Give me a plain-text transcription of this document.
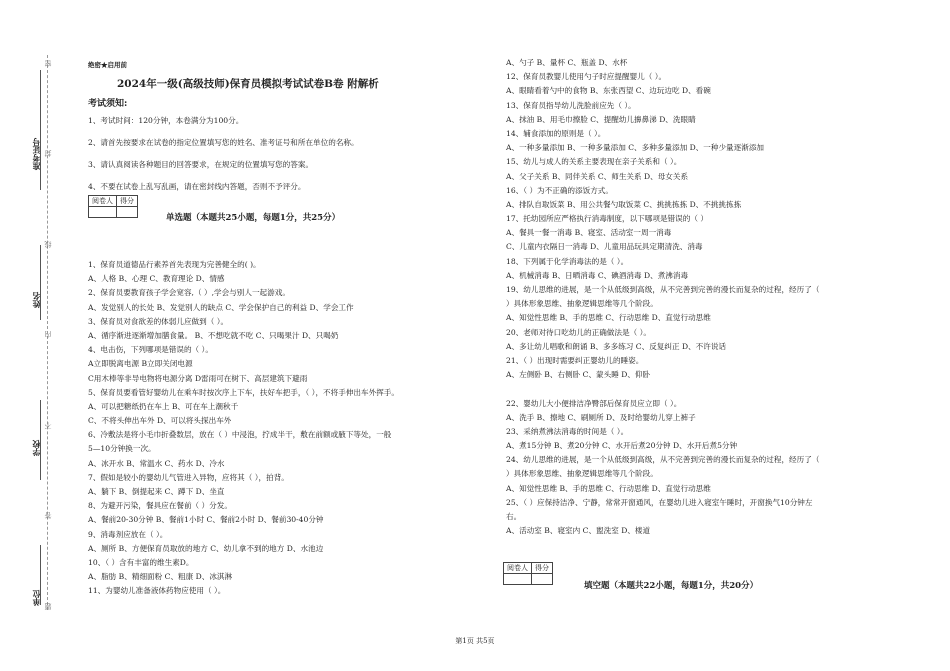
题
答
不
内
线
封
密
准考证号
姓名
学校
单位
绝密★启用前
2024年一级(高级技师)保育员模拟考试试卷B卷 附解析
考试须知:
1、考试时间：120分钟，本卷满分为100分。
2、请首先按要求在试卷的指定位置填写您的姓名、准考证号和所在单位的名称。
3、请认真阅读各种题目的回答要求，在规定的位置填写您的答案。
4、不要在试卷上乱写乱画，请在密封线内答题，否则不予评分。
阅卷人	得分

单选题（本题共25小题，每题1分，共25分）
1、保育员道德品行素养首先表现为完善健全的( )。
A、人格 B、心理 C、教育理论 D、情感
2、保育员要教育孩子学会宽容,（ ）,学会与别人一起游戏。
A、发觉别人的长处 B、发觉别人的缺点 C、学会保护自己的利益 D、学会工作
3、保育员对食欲差的体弱儿应做到（ ）。
A、循序渐进逐渐增加膳食量。 B、不想吃就不吃 C、只喝果汁 D、只喝奶
4、电击伤，下列哪项是错误的（ ）。
A立即脱离电源 B立即关闭电源
C用木棒等非导电物将电源分离 D雷雨可在树下、高层建筑下避雨
5、保育员要看管好婴幼儿在乘车时按次序上下车，扶好车把手，（ ），不将手伸出车外挥手。
A、可以把糖纸扔在车上 B、可在车上潮秋千
C、不将头伸出车外 D、可以将头探出车外
6、冷敷法是将小毛巾折叠数层，放在（ ）中浸泡，拧成半干，敷在前额或腋下等处，一般
5—10分钟换一次。
A、冰开水 B、常温水 C、药水 D、冷水
7、假如是较小的婴幼儿气管进入异物，应将其（ ），拍背。
A、躺下 B、倒提起来 C、蹲下 D、坐直
8、为避开污染，餐具应在餐前（ ）分发。
A、餐前20-30分钟 B、餐前1小时 C、餐前2小时 D、餐前30-40分钟
9、消毒剂应放在（ ）。
A、厕所 B、方便保育员取放的地方 C、幼儿拿不到的地方 D、水池边
10、（ ）含有丰富的维生素D。
A、脂肪 B、精细面粉 C、粗康 D、冰淇淋
11、为婴幼儿准备液体药物应使用（ ）。
A、勺子 B、量杯 C、瓶盖 D、水杯
12、保育员教婴儿使用勺子时应提醒婴儿（ ）。
A、眼睛看着勺中的食物 B、东张西望 C、边玩边吃 D、看碗
13、保育员指导幼儿洗脸前应先（ ）。
A、抹油 B、用毛巾擦脸 C、提醒幼儿擤鼻涕 D、洗眼睛
14、辅食添加的原则是（ ）。
A、一种多量添加 B、一种多量添加 C、多种多量添加 D、一种少量逐渐添加
15、幼儿与成人的关系主要表现在亲子关系和（ ）。
A、父子关系 B、同伴关系 C、师生关系 D、母女关系
16、（ ）为不正确的添饭方式。
A、排队自取饭菜 B、用公共餐勺取饭菜 C、挑挑拣拣 D、不挑挑拣拣
17、托幼园所应严格执行消毒制度，以下哪项是错误的（ ）
A、餐具一餐一消毒 B、寝室、活动室一周一消毒
C、儿童内衣隔日一消毒 D、儿童用品玩具定期清洗、消毒
18、下列属于化学消毒法的是（ ）。
A、机械消毒 B、日晒消毒 C、碘酒消毒 D、煮沸消毒
19、幼儿思维的进展，是一个从低级到高级，从不完善到完善的漫长而复杂的过程，经历了（
）具体形象思维、抽象逻辑思维等几个阶段。
A、知觉性思维 B、手的思维 C、行动思维 D、直觉行动思维
20、老师对待口吃幼儿的正确做法是（ ）。
A、多让幼儿唱歌和朗诵 B、多多练习 C、反复纠正 D、不许说话
21、（ ）出现时需要纠正婴幼儿的睡姿。
A、左侧卧 B、右侧卧 C、蒙头睡 D、仰卧
22、婴幼儿大小便排洁净臀部后保育员应立即（ ）。
A、洗手 B、擦地 C、刷厕所 D、及时给婴幼儿穿上裤子
23、采纳煮沸法消毒的时间是（ ）。
A、煮15分钟 B、煮20分钟 C、水开后煮20分钟 D、水开后煮5分钟
24、幼儿思维的进展，是一个从低级到高级，从不完善到完善的漫长而复杂的过程，经历了（
）具体形象思维、抽象逻辑思维等几个阶段。
A、知觉性思维 B、手的思维 C、行动思维 D、直觉行动思维
25、（ ）应保持洁净、宁静，常常开窗通风，在婴幼儿进入寝室午睡时，开窗换气10分钟左
右。
A、活动室 B、寝室内 C、盥洗室 D、楼道
阅卷人	得分

填空题（本题共22小题，每题1分，共20分）
第1页 共5页
